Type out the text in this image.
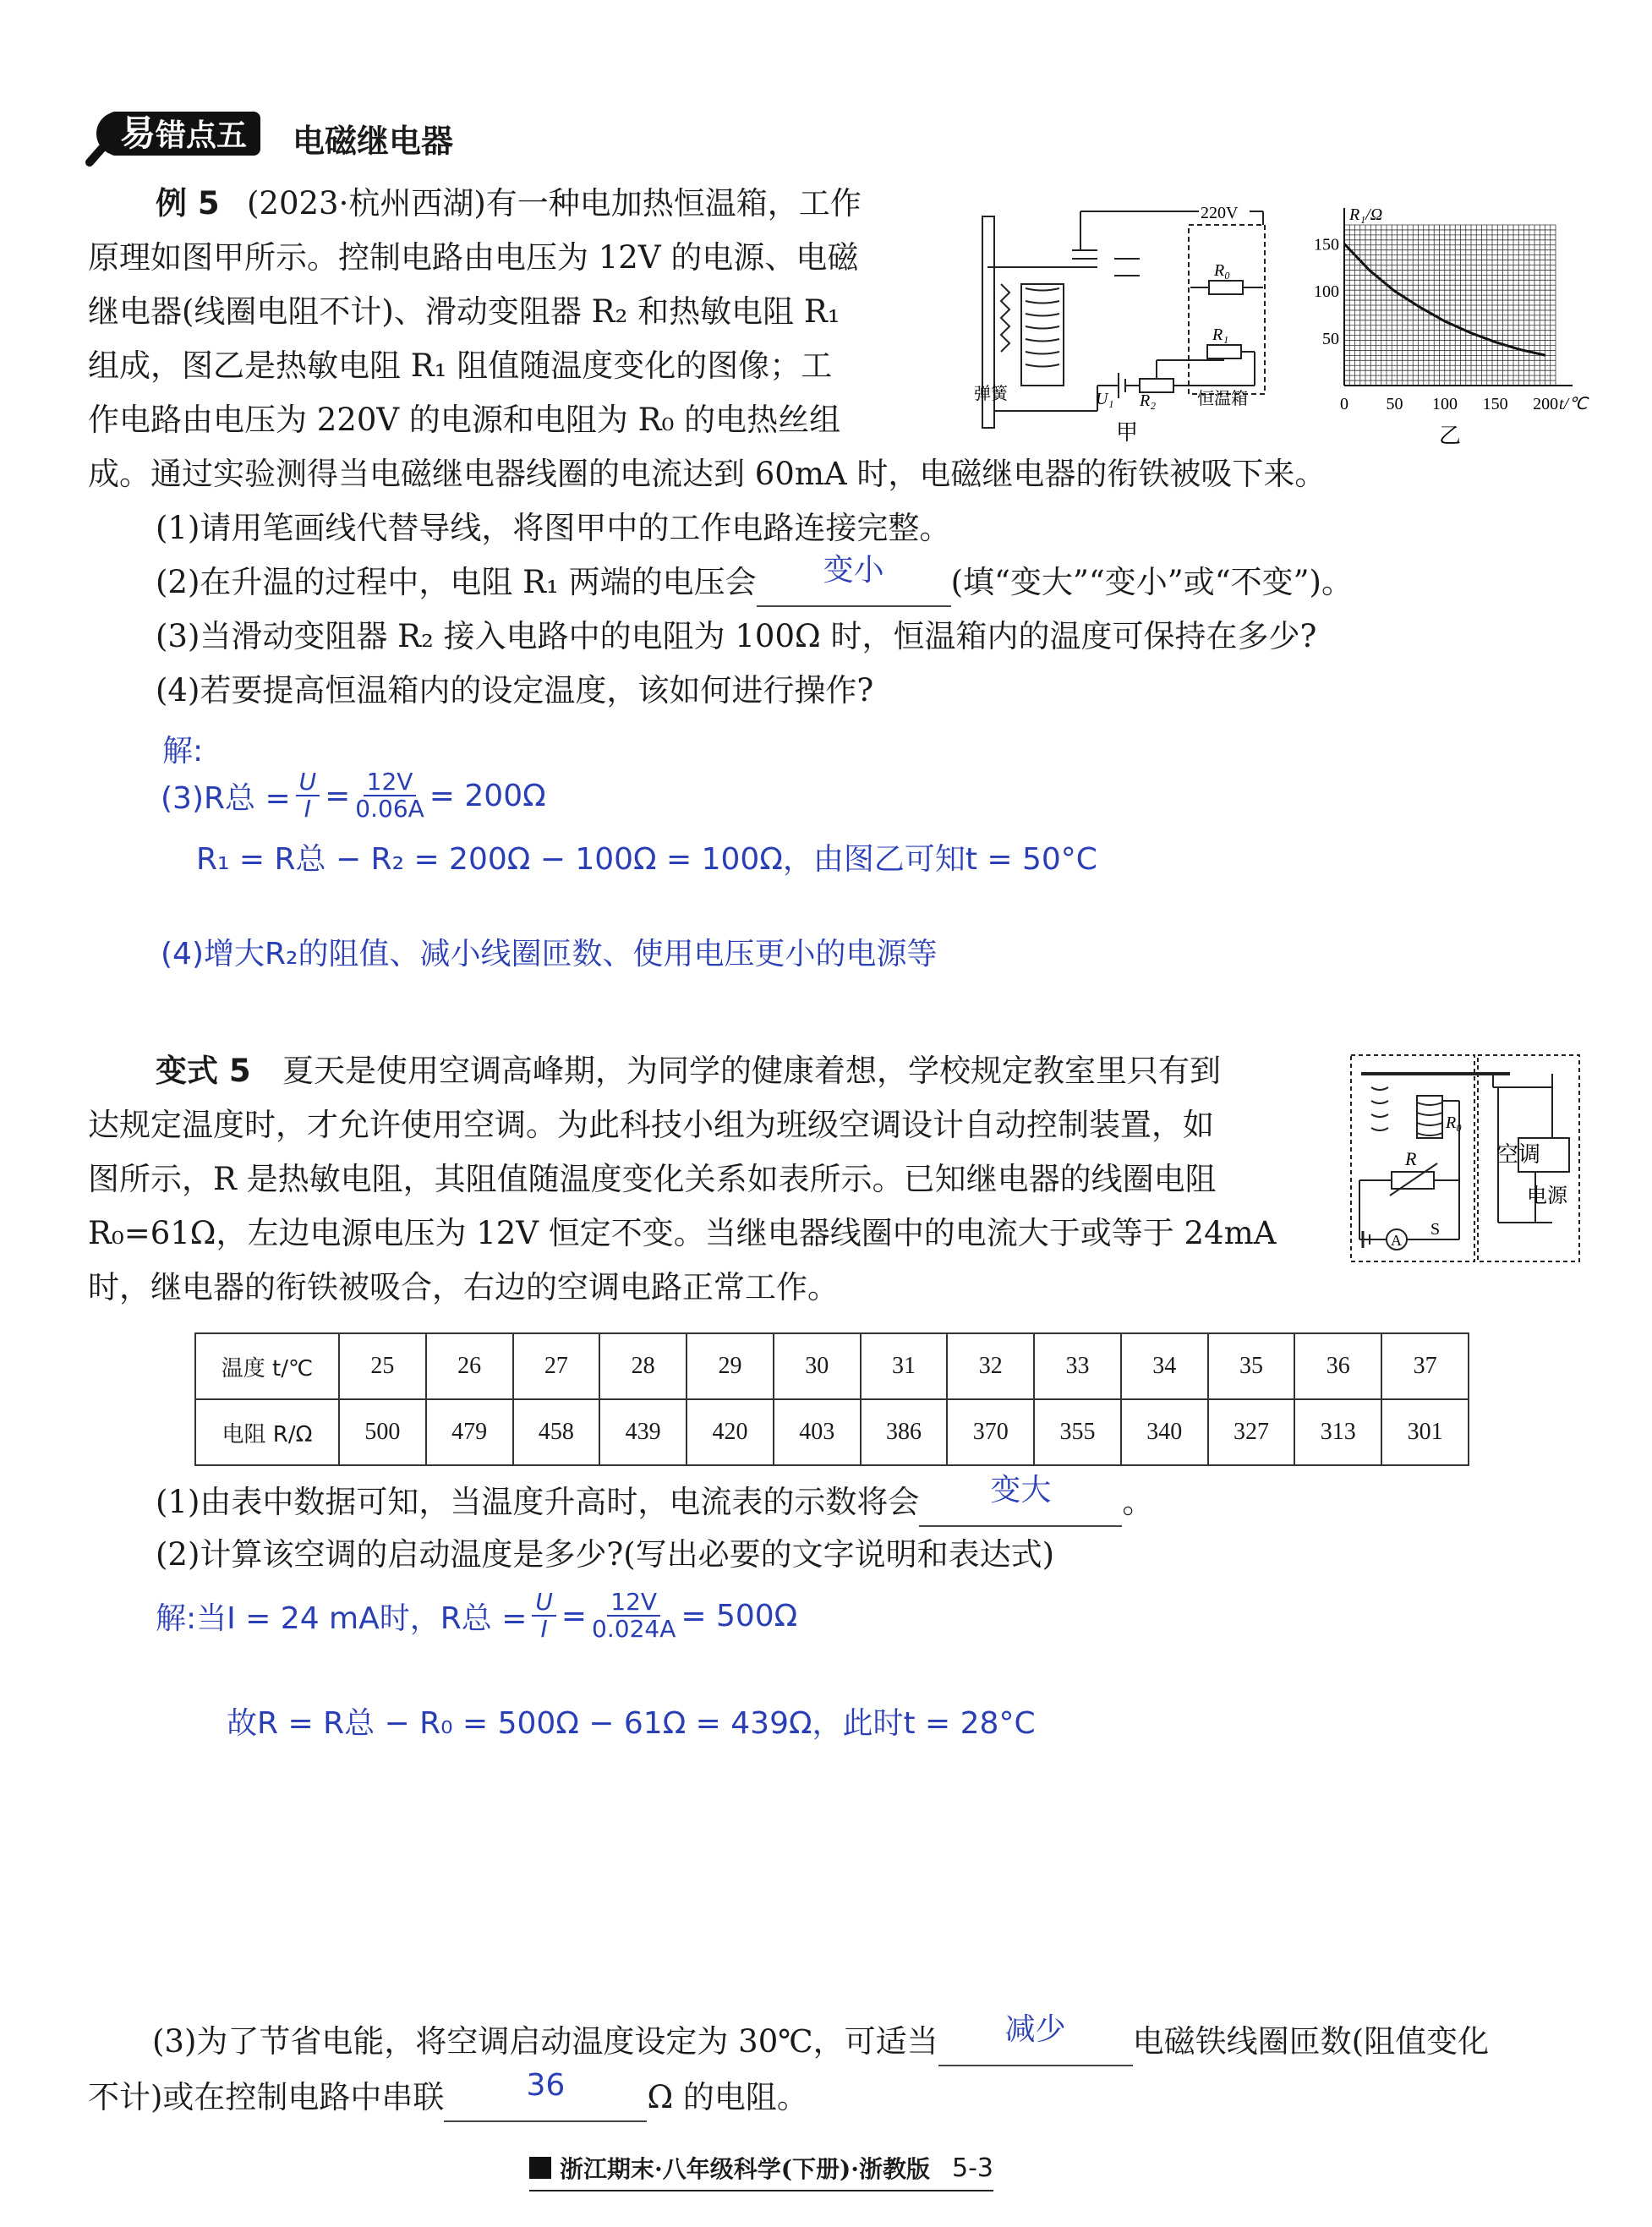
易错点五	电磁继电器
例 5 (2023·杭州西湖)有一种电加热恒温箱，工作
原理如图甲所示。控制电路由电压为 12V 的电源、电磁
继电器(线圈电阻不计)、滑动变阻器 R₂ 和热敏电阻 R₁
组成，图乙是热敏电阻 R₁ 阻值随温度变化的图像；工
作电路由电压为 220V 的电源和电阻为 R₀ 的电热丝组
成。通过实验测得当电磁继电器线圈的电流达到 60mA 时，电磁继电器的衔铁被吸下来。
220V
R₀
R₁
弹簧	U₁ R₂ 恒温箱
甲
0 50 100 150 200
50
100
150
R₁/Ω
t/℃
乙
(1)请用笔画线代替导线，将图甲中的工作电路连接完整。
(2)在升温的过程中，电阻 R₁ 两端的电压会	变小	(填“变大”“变小”或“不变”)。
(3)当滑动变阻器 R₂ 接入电路中的电阻为 100Ω 时，恒温箱内的温度可保持在多少?
(4)若要提高恒温箱内的设定温度，该如何进行操作?
解:
(3)R总 = $\frac{U}{I} = \frac{12V}{0.06A} = 200\Omega$
R₁ = R总 − R₂ = 200Ω − 100Ω = 100Ω，由图乙可知t = 50°C
(4)增大R₂的阻值、减小线圈匝数、使用电压更小的电源等
变式 5 夏天是使用空调高峰期，为同学的健康着想，学校规定教室里只有到
达规定温度时，才允许使用空调。为此科技小组为班级空调设计自动控制装置，如
图所示，R 是热敏电阻，其阻值随温度变化关系如表所示。已知继电器的线圈电阻
R₀=61Ω，左边电源电压为 12V 恒定不变。当继电器线圈中的电流大于或等于 24mA
时，继电器的衔铁被吸合，右边的空调电路正常工作。
R₀
R	空调
电源
S
A
温度 t/℃	25	26	27	28	29	30	31	32	33	34	35	36	37
电阻 R/Ω	500	479	458	439	420	403	386	370	355	340	327	313	301
(1)由表中数据可知，当温度升高时，电流表的示数将会	变大	。
(2)计算该空调的启动温度是多少?(写出必要的文字说明和表达式)
解:当I = 24 mA时，R总 = $\frac{U}{I} = \frac{12V}{0.024A} = 500\Omega$
故R = R总 − R₀ = 500Ω − 61Ω = 439Ω，此时t = 28°C
(3)为了节省电能，将空调启动温度设定为 30℃，可适当	减少	电磁铁线圈匝数(阻值变化
不计)或在控制电路中串联	36	Ω 的电阻。
浙江期末·八年级科学(下册)·浙教版 5-3
